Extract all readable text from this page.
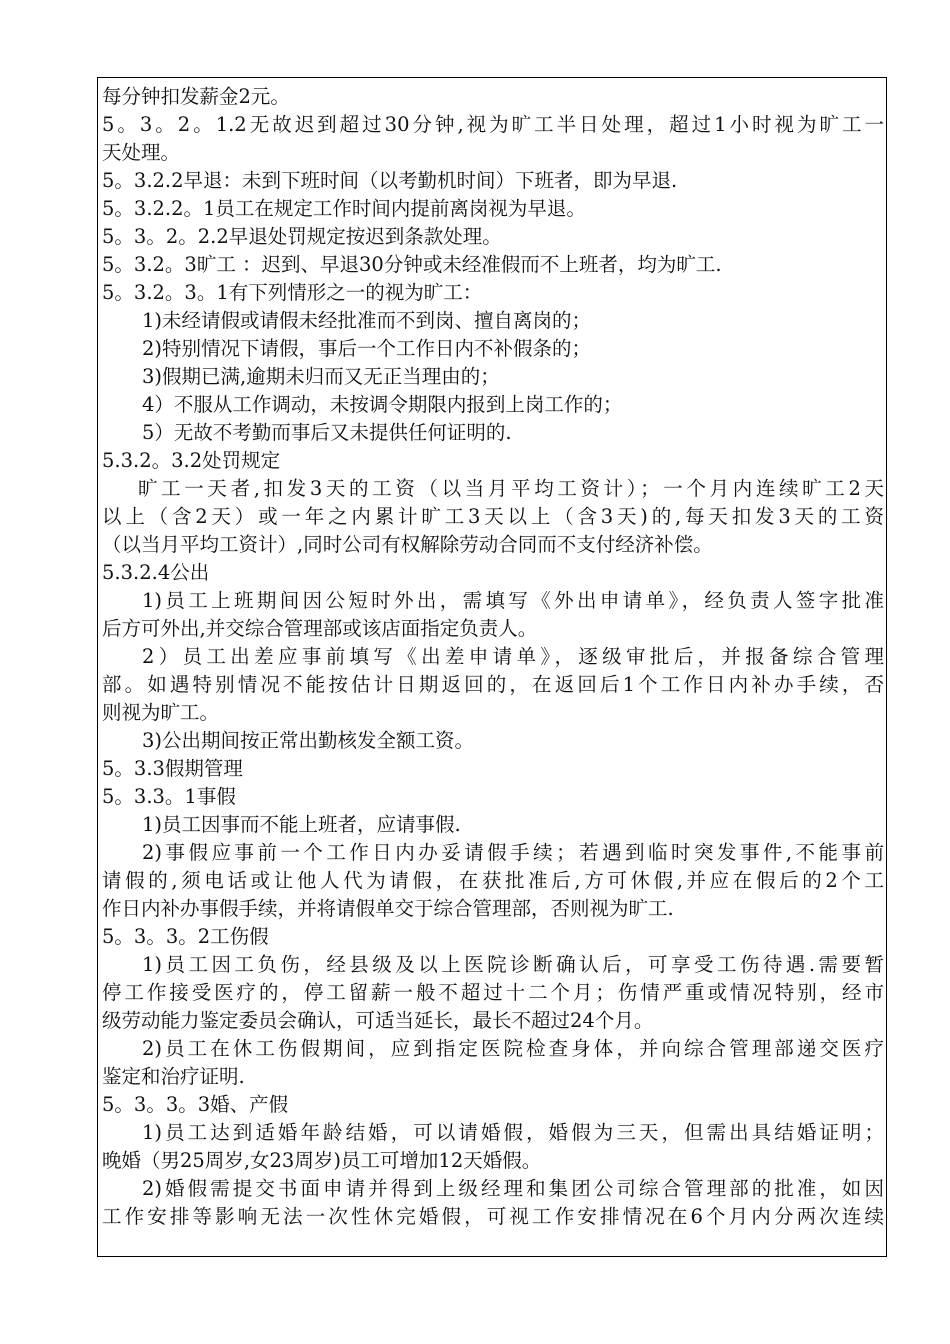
每分钟扣发薪金2元。
5。3。2。1.2无故迟到超过30分钟,视为旷工半日处理，超过1小时视为旷工一
天处理。
5。3.2.2早退：未到下班时间（以考勤机时间）下班者，即为早退.
5。3.2.2。1员工在规定工作时间内提前离岗视为早退。
5。3。2。2.2早退处罚规定按迟到条款处理。
5。3.2。3旷工 ：迟到、早退30分钟或未经准假而不上班者，均为旷工.
5。3.2。3。1有下列情形之一的视为旷工：
1)未经请假或请假未经批准而不到岗、擅自离岗的；
2)特别情况下请假，事后一个工作日内不补假条的；
3)假期已满,逾期未归而又无正当理由的；
4）不服从工作调动，未按调令期限内报到上岗工作的；
5）无故不考勤而事后又未提供任何证明的.
5.3.2。3.2处罚规定
旷工一天者,扣发3天的工资（以当月平均工资计）；一个月内连续旷工2天
以上（含2天）或一年之内累计旷工3天以上（含3天)的,每天扣发3天的工资
（以当月平均工资计）,同时公司有权解除劳动合同而不支付经济补偿。
5.3.2.4公出
1)员工上班期间因公短时外出，需填写《外出申请单》，经负责人签字批准
后方可外出,并交综合管理部或该店面指定负责人。
2）员工出差应事前填写《出差申请单》，逐级审批后，并报备综合管理
部。如遇特别情况不能按估计日期返回的，在返回后1个工作日内补办手续，否
则视为旷工。
3)公出期间按正常出勤核发全额工资。
5。3.3假期管理
5。3.3。1事假
1)员工因事而不能上班者，应请事假.
2)事假应事前一个工作日内办妥请假手续；若遇到临时突发事件,不能事前
请假的,须电话或让他人代为请假，在获批准后,方可休假,并应在假后的2个工
作日内补办事假手续，并将请假单交于综合管理部，否则视为旷工.
5。3。3。2工伤假
1)员工因工负伤，经县级及以上医院诊断确认后，可享受工伤待遇.需要暂
停工作接受医疗的，停工留薪一般不超过十二个月；伤情严重或情况特别，经市
级劳动能力鉴定委员会确认，可适当延长，最长不超过24个月。
2)员工在休工伤假期间，应到指定医院检查身体，并向综合管理部递交医疗
鉴定和治疗证明.
5。3。3。3婚、产假
1)员工达到适婚年龄结婚，可以请婚假，婚假为三天，但需出具结婚证明；
晚婚（男25周岁,女23周岁)员工可增加12天婚假。
2)婚假需提交书面申请并得到上级经理和集团公司综合管理部的批准，如因
工作安排等影响无法一次性休完婚假，可视工作安排情况在6个月内分两次连续
